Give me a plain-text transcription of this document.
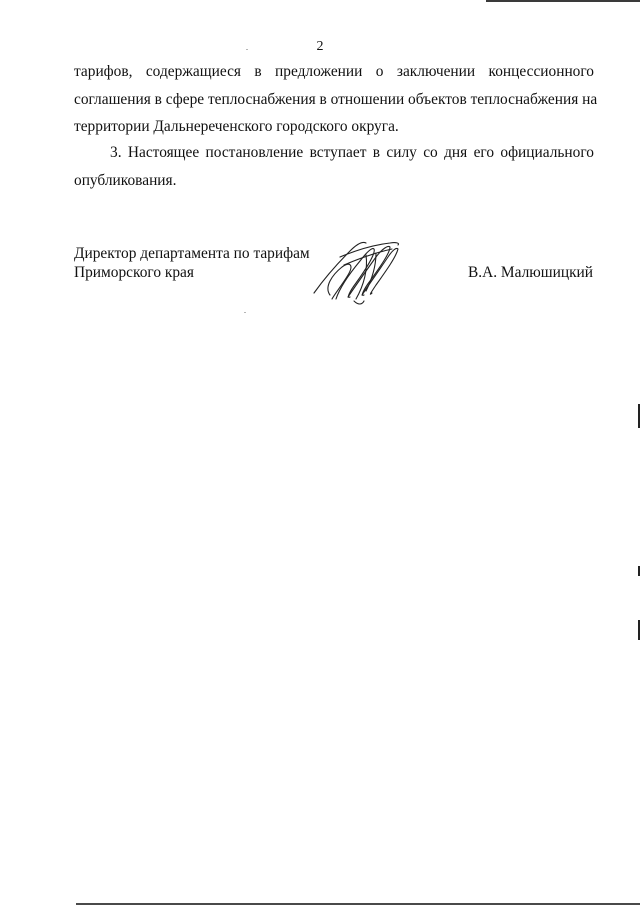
2
тарифов, содержащиеся в предложении о заключении концессионного
соглашения в сфере теплоснабжения в отношении объектов теплоснабжения на
территории Дальнереченского городского округа.
3. Настоящее постановление вступает в силу со дня его официального
опубликования.
Директор департамента по тарифам
Приморского края	В.А. Малюшицкий
